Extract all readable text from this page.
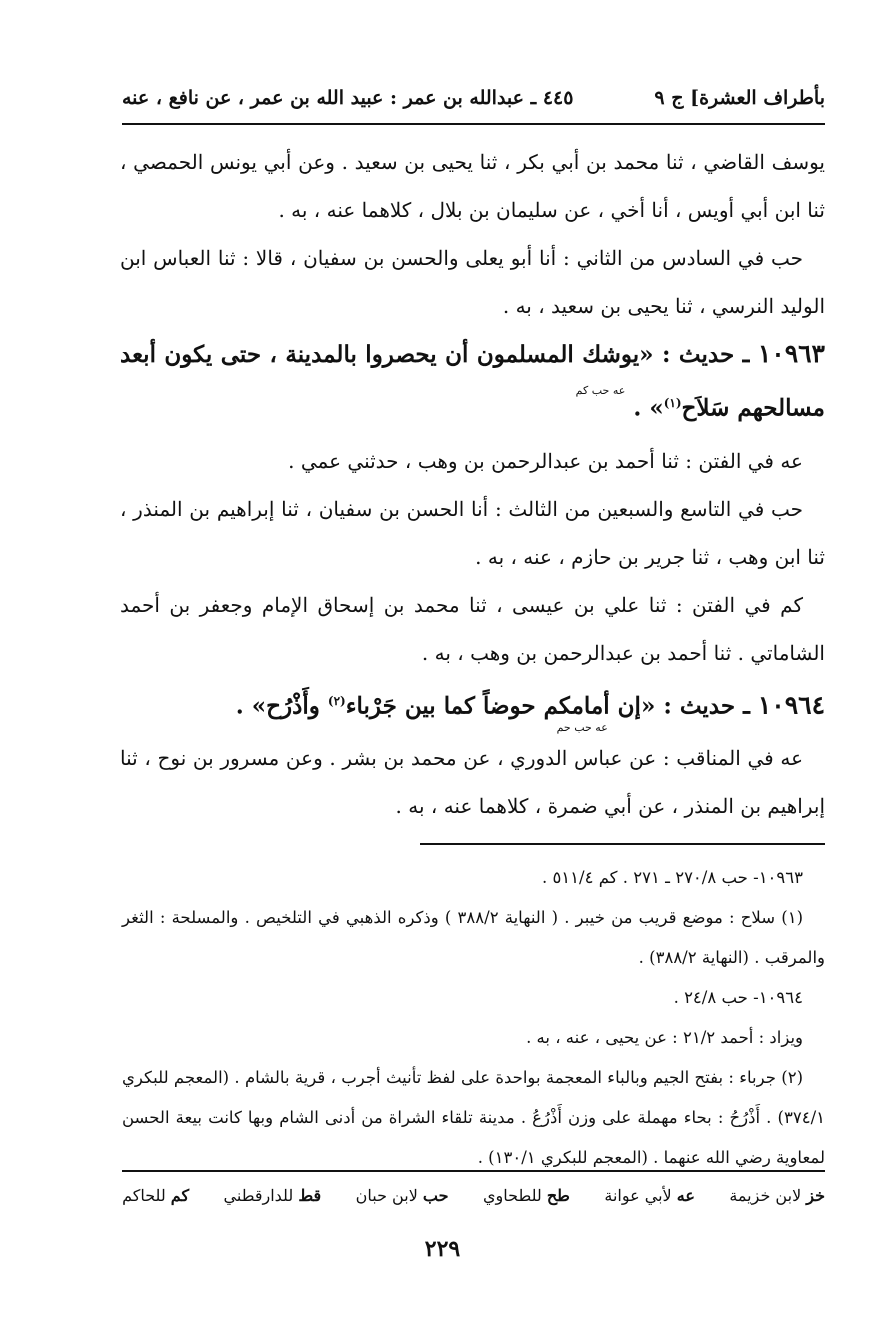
بأطراف العشرة] ج ٩
٤٤٥ ـ عبدالله بن عمر : عبيد الله بن عمر ، عن نافع ، عنه

يوسف القاضي ، ثنا محمد بن أبي بكر ، ثنا يحيى بن سعيد . وعن أبي يونس الحمصي ، ثنا ابن أبي أويس ، أنا أخي ، عن سليمان بن بلال ، كلاهما عنه ، به .

حب في السادس من الثاني : أنا أبو يعلى والحسن بن سفيان ، قالا : ثنا العباس ابن الوليد النرسي ، ثنا يحيى بن سعيد ، به .

١٠٩٦٣ ـ حديث : «يوشك المسلمون أن يحصروا بالمدينة ، حتى يكون أبعد مسالحهم سَلاَح$^{(١)}$» . $^{عه حب كم}$

عه في الفتن : ثنا أحمد بن عبدالرحمن بن وهب ، حدثني عمي .

حب في التاسع والسبعين من الثالث : أنا الحسن بن سفيان ، ثنا إبراهيم بن المنذر ، ثنا ابن وهب ، ثنا جرير بن حازم ، عنه ، به .

كم في الفتن : ثنا علي بن عيسى ، ثنا محمد بن إسحاق الإمام وجعفر بن أحمد الشاماتي . ثنا أحمد بن عبدالرحمن بن وهب ، به .

١٠٩٦٤ ـ حديث : «إن أمامكم حوضاً كما بين جَرْباء$^{(٢)}$ وأَذْرُح» . $_{عه حب حم}$

عه في المناقب : عن عباس الدوري ، عن محمد بن بشر . وعن مسرور بن نوح ، ثنا إبراهيم بن المنذر ، عن أبي ضمرة ، كلاهما عنه ، به .

١٠٩٦٣- حب ٢٧٠/٨ ـ ٢٧١ . كم ٥١١/٤ .

(١) سلاح : موضع قريب من خيبر . ( النهاية ٣٨٨/٢ ) وذكره الذهبي في التلخيص . والمسلحة : الثغر والمرقب . (النهاية ٣٨٨/٢) .

١٠٩٦٤- حب ٢٤/٨ .

ويزاد : أحمد ٢١/٢ : عن يحيى ، عنه ، به .

(٢) جرباء : بفتح الجيم وبالباء المعجمة بواحدة على لفظ تأنيث أجرب ، قرية بالشام . (المعجم للبكري ٣٧٤/١) . أَذْرُحُ : بحاء مهملة على وزن أَذْرُعُ . مدينة تلقاء الشراة من أدنى الشام وبها كانت بيعة الحسن لمعاوية رضي الله عنهما . (المعجم للبكري ١٣٠/١) .

خز لابن خزيمة
عه لأبي عوانة
طح للطحاوي
حب لابن حبان
قط للدارقطني
كم للحاكم
٢٢٩
